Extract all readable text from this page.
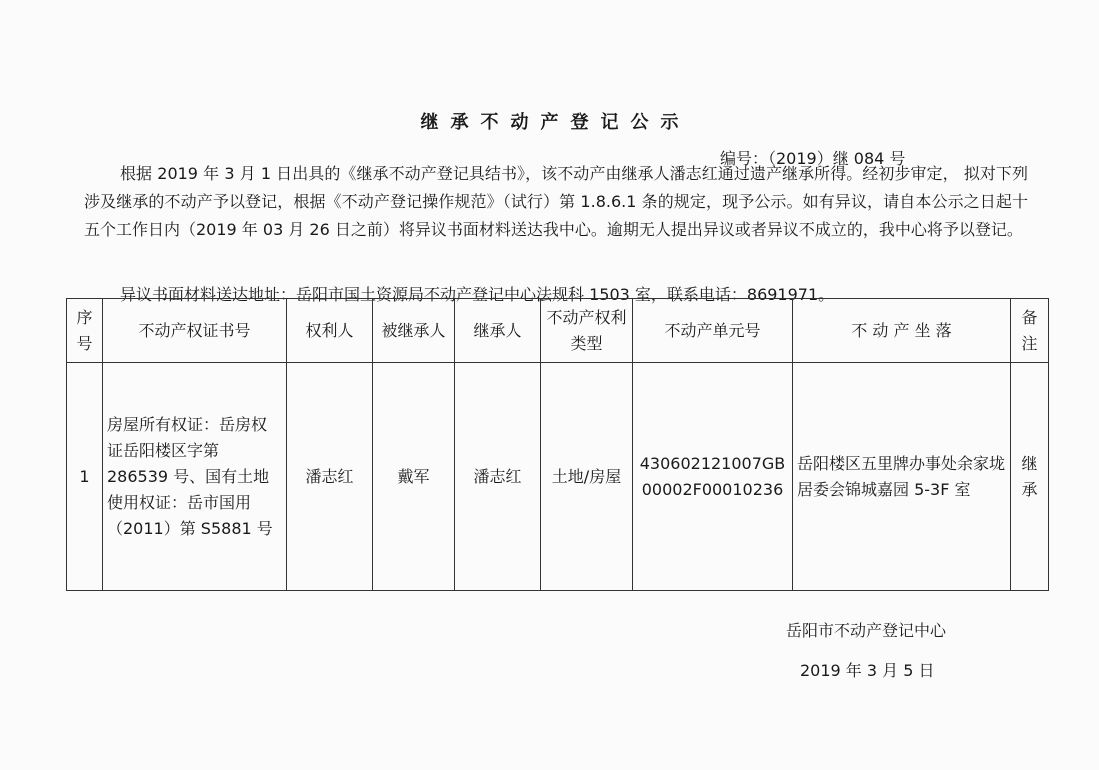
继承不动产登记公示
编号：（2019）继 084 号

根据 2019 年 3 月 1 日出具的《继承不动产登记具结书》，该不动产由继承人潘志红通过遗产继承所得。经初步审定， 拟对下列涉及继承的不动产予以登记，根据《不动产登记操作规范》（试行）第 1.8.6.1 条的规定，现予公示。如有异议，请自本公示之日起十五个工作日内（2019 年 03 月 26 日之前）将异议书面材料送达我中心。逾期无人提出异议或者异议不成立的，我中心将予以登记。

异议书面材料送达地址：岳阳市国土资源局不动产登记中心法规科 1503 室，联系电话：8691971。
序号	不动产权证书号	权利人	被继承人	继承人	不动产权利类型	不动产单元号	不 动 产 坐 落	备注
1	房屋所有权证：岳房权证岳阳楼区字第 286539 号、国有土地使用权证：岳市国用（2011）第 S5881 号	潘志红	戴军	潘志红	土地/房屋	430602121007GB00002F00010236	岳阳楼区五里牌办事处余家垅居委会锦城嘉园 5-3F 室	继承
岳阳市不动产登记中心
2019 年 3 月 5 日
